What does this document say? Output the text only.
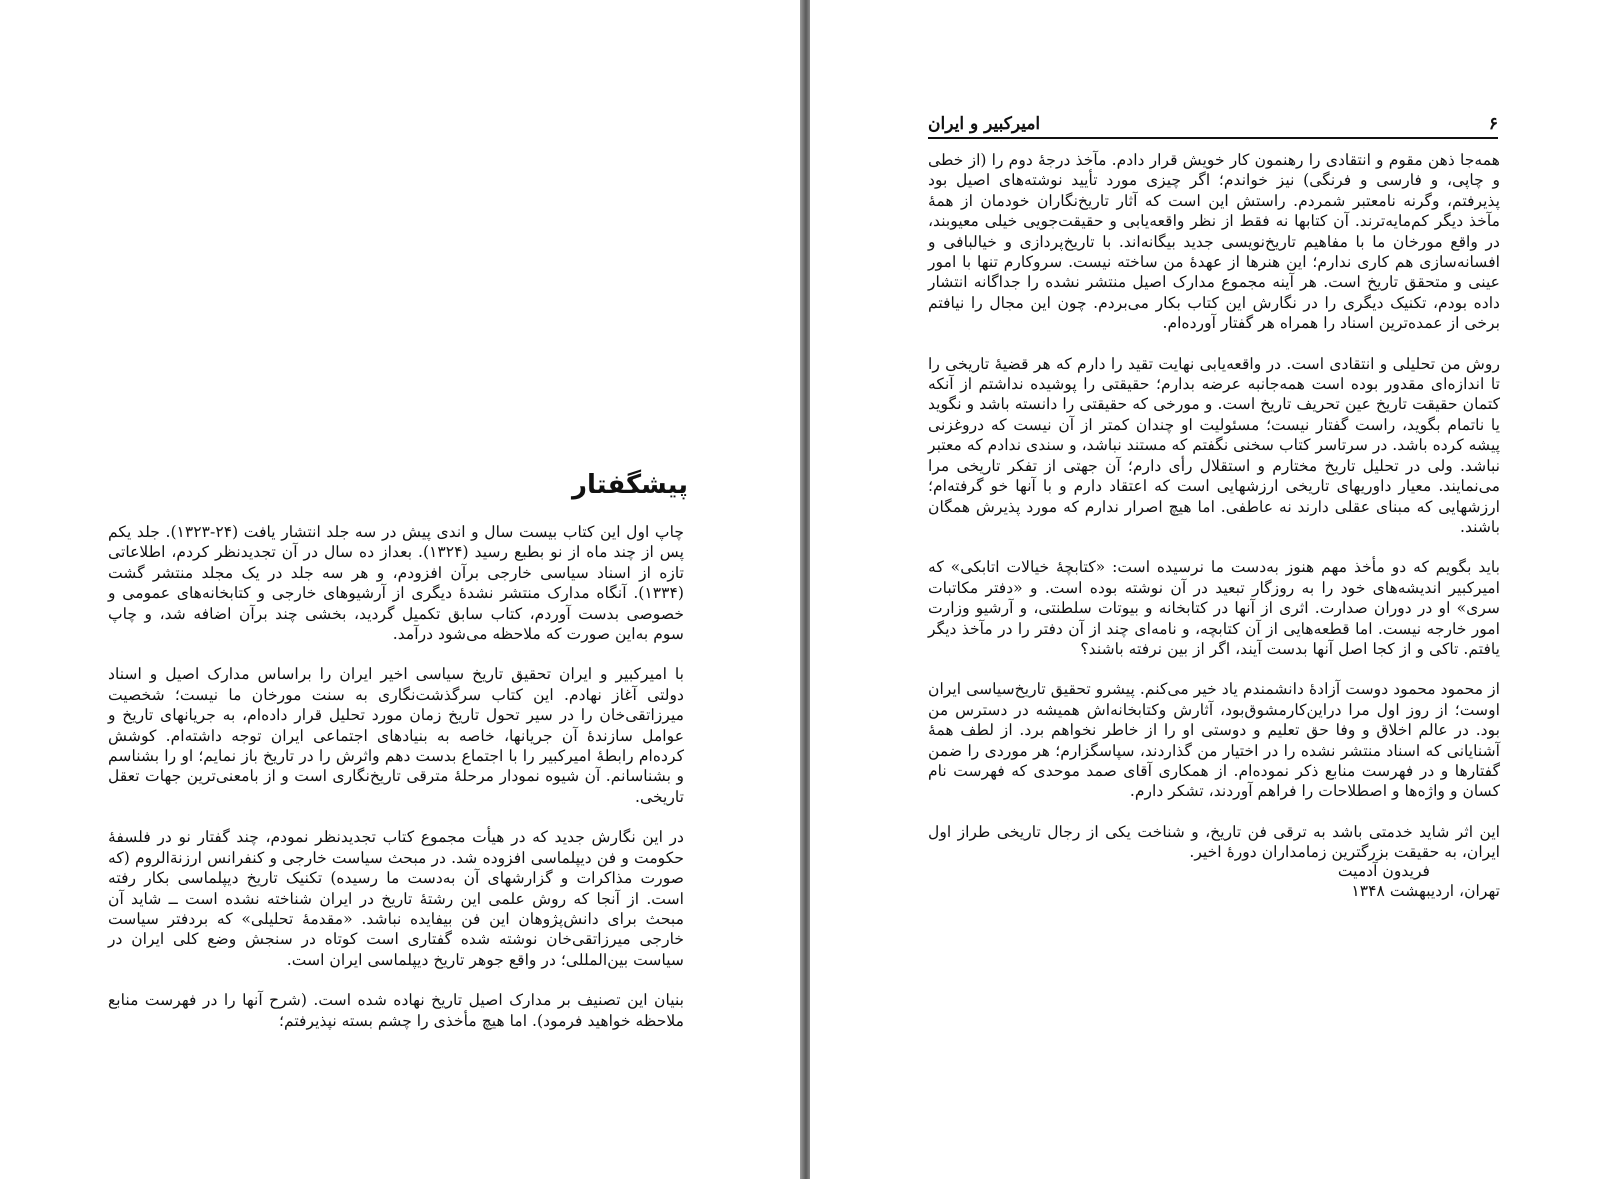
پیشگفتار

چاپ اول این کتاب بیست سال و اندی پیش در سه جلد انتشار یافت (۲۴-۱۳۲۳). جلد یکم پس از چند ماه از نو بطبع رسید (۱۳۲۴). بعداز ده سال در آن تجدیدنظر کردم، اطلاعاتی تازه از اسناد سیاسی خارجی برآن افزودم، و هر سه جلد در یک مجلد منتشر گشت (۱۳۳۴). آنگاه مدارک منتشر نشدهٔ دیگری از آرشیوهای خارجی و کتابخانه‌های عمومی و خصوصی بدست آوردم، کتاب سابق تکمیل گردید، بخشی چند برآن اضافه شد، و چاپ سوم به‌این صورت که ملاحظه می‌شود درآمد.

با امیرکبیر و ایران تحقیق تاریخ سیاسی اخیر ایران را براساس مدارک اصیل و اسناد دولتی آغاز نهادم. این کتاب سرگذشت‌نگاری به سنت مورخان ما نیست؛ شخصیت میرزاتقی‌خان را در سیر تحول تاریخ زمان مورد تحلیل قرار داده‌ام، به جریانهای تاریخ و عوامل سازندهٔ آن جریانها، خاصه به بنیادهای اجتماعی ایران توجه داشته‌ام. کوشش کرده‌ام رابطهٔ امیرکبیر را با اجتماع بدست دهم واثرش را در تاریخ باز نمایم؛ او را بشناسم و بشناسانم. آن شیوه نمودار مرحلهٔ مترقی تاریخ‌نگاری است و از بامعنی‌ترین جهات تعقل تاریخی.

در این نگارش جدید که در هیأت مجموع کتاب تجدیدنظر نمودم، چند گفتار نو در فلسفهٔ حکومت و فن دیپلماسی افزوده شد. در مبحث سیاست خارجی و کنفرانس ارزنةالروم (که صورت مذاکرات و گزارشهای آن به‌دست ما رسیده) تکنیک تاریخ دیپلماسی بکار رفته است. از آنجا که روش علمی این رشتهٔ تاریخ در ایران شناخته نشده است ــ شاید آن مبحث برای دانش‌پژوهان این فن بیفایده نباشد. «مقدمهٔ تحلیلی» که بردفتر سیاست خارجی میرزاتقی‌خان نوشته شده گفتاری است کوتاه در سنجش وضع کلی ایران در سیاست بین‌المللی؛ در واقع جوهر تاریخ دیپلماسی ایران است.

بنیان این تصنیف بر مدارک اصیل تاریخ نهاده شده است. (شرح آنها را در فهرست منابع ملاحظه خواهید فرمود). اما هیچ مأخذی را چشم بسته نپذیرفتم؛

۶
امیرکبیر و ایران

همه‌جا ذهن مقوم و انتقادی را رهنمون کار خویش قرار دادم. مآخذ درجهٔ دوم را (از خطی و چاپی، و فارسی و فرنگی) نیز خواندم؛ اگر چیزی مورد تأیید نوشته‌های اصیل بود پذیرفتم، وگرنه نامعتبر شمردم. راستش این است که آثار تاریخ‌نگاران خودمان از همهٔ مآخذ دیگر کم‌مایه‌ترند. آن کتابها نه فقط از نظر واقعه‌یابی و حقیقت‌جویی خیلی معیوبند، در واقع مورخان ما با مفاهیم تاریخ‌نویسی جدید بیگانه‌اند. با تاریخ‌پردازی و خیالبافی و افسانه‌سازی هم کاری ندارم؛ این هنرها از عهدهٔ من ساخته نیست. سروکارم تنها با امور عینی و متحقق تاریخ است. هر آینه مجموع مدارک اصیل منتشر نشده را جداگانه انتشار داده بودم، تکنیک دیگری را در نگارش این کتاب بکار می‌بردم. چون این مجال را نیافتم برخی از عمده‌ترین اسناد را همراه هر گفتار آورده‌ام.

روش من تحلیلی و انتقادی است. در واقعه‌یابی نهایت تقید را دارم که هر قضیهٔ تاریخی را تا اندازه‌ای مقدور بوده است همه‌جانبه عرضه بدارم؛ حقیقتی را پوشیده نداشتم از آنکه کتمان حقیقت تاریخ عین تحریف تاریخ است. و مورخی که حقیقتی را دانسته باشد و نگوید یا ناتمام بگوید، راست گفتار نیست؛ مسئولیت او چندان کمتر از آن نیست که دروغزنی پیشه کرده باشد. در سرتاسر کتاب سخنی نگفتم که مستند نباشد، و سندی ندادم که معتبر نباشد. ولی در تحلیل تاریخ مختارم و استقلال رأی دارم؛ آن جهتی از تفکر تاریخی مرا می‌نمایند. معیار داوریهای تاریخی ارزشهایی است که اعتقاد دارم و با آنها خو گرفته‌ام؛ ارزشهایی که مبنای عقلی دارند نه عاطفی. اما هیچ اصرار ندارم که مورد پذیرش همگان باشند.

باید بگویم که دو مأخذ مهم هنوز به‌دست ما نرسیده است: «کتابچهٔ خیالات اتابکی» که امیرکبیر اندیشه‌های خود را به روزگار تبعید در آن نوشته بوده است. و «دفتر مکاتبات سری» او در دوران صدارت. اثری از آنها در کتابخانه و بیوتات سلطنتی، و آرشیو وزارت امور خارجه نیست. اما قطعه‌هایی از آن کتابچه، و نامه‌ای چند از آن دفتر را در مآخذ دیگر یافتم. تاکی و از کجا اصل آنها بدست آیند، اگر از بین نرفته باشند؟

از محمود محمود دوست آزادهٔ دانشمندم یاد خیر می‌کنم. پیشرو تحقیق تاریخ‌سیاسی ایران اوست؛ از روز اول مرا دراین‌کارمشوق‌بود، آثارش وکتابخانه‌اش همیشه در دسترس من بود. در عالم اخلاق و وفا حق تعلیم و دوستی او را از خاطر نخواهم برد. از لطف همهٔ آشنایانی که اسناد منتشر نشده را در اختیار من گذاردند، سپاسگزارم؛ هر موردی را ضمن گفتارها و در فهرست منابع ذکر نموده‌ام. از همکاری آقای صمد موحدی که فهرست نام کسان و واژه‌ها و اصطلاحات را فراهم آوردند، تشکر دارم.

این اثر شاید خدمتی باشد به ترقی فن تاریخ، و شناخت یکی از رجال تاریخی طراز اول ایران، به حقیقت بزرگترین زمامداران دورهٔ اخیر.

فریدون آدمیت
تهران، اردیبهشت ۱۳۴۸
